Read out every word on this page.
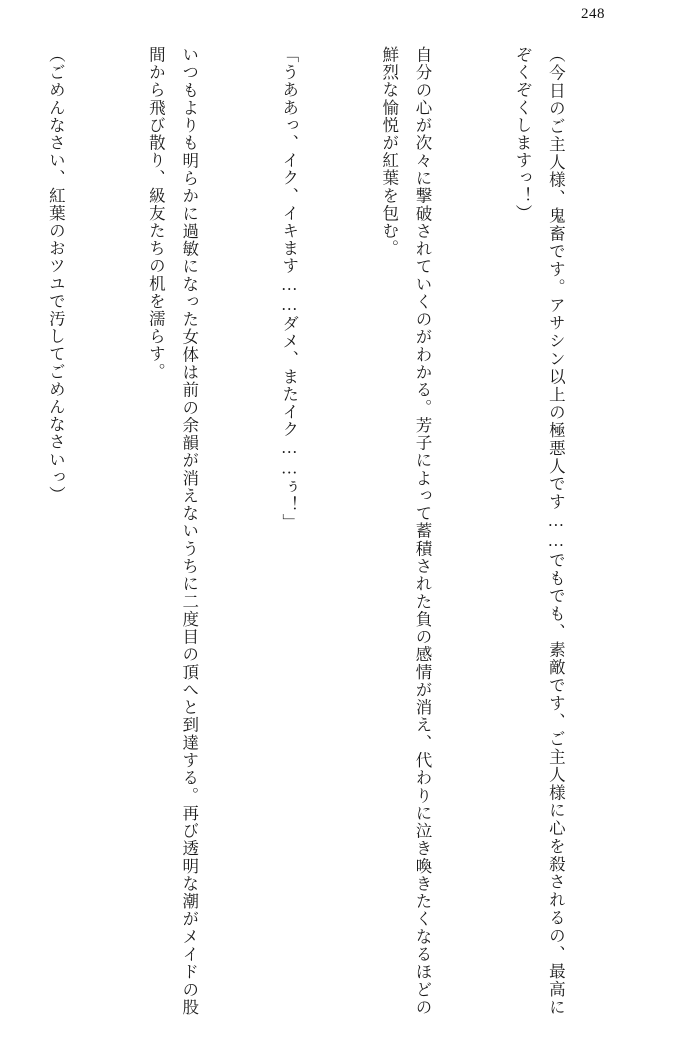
248

（今日のご主人様、鬼畜です。アサシン以上の極悪人です……でもでも、素敵です、ご主人様に心を殺されるの、最高にぞくぞくしますっ！）

自分の心が次々に撃破されていくのがわかる。芳子によって蓄積された負の感情が消え、代わりに泣き喚きたくなるほどの鮮烈な愉悦が紅葉を包む。

「うああっ、イク、イキます……ダメ、またイク……ぅ！」

いつもよりも明らかに過敏になった女体は前の余韻が消えないうちに二度目の頂へと到達する。再び透明な潮がメイドの股間から飛び散り、級友たちの机を濡らす。

（ごめんなさい、紅葉のおツユで汚してごめんなさいっ）
